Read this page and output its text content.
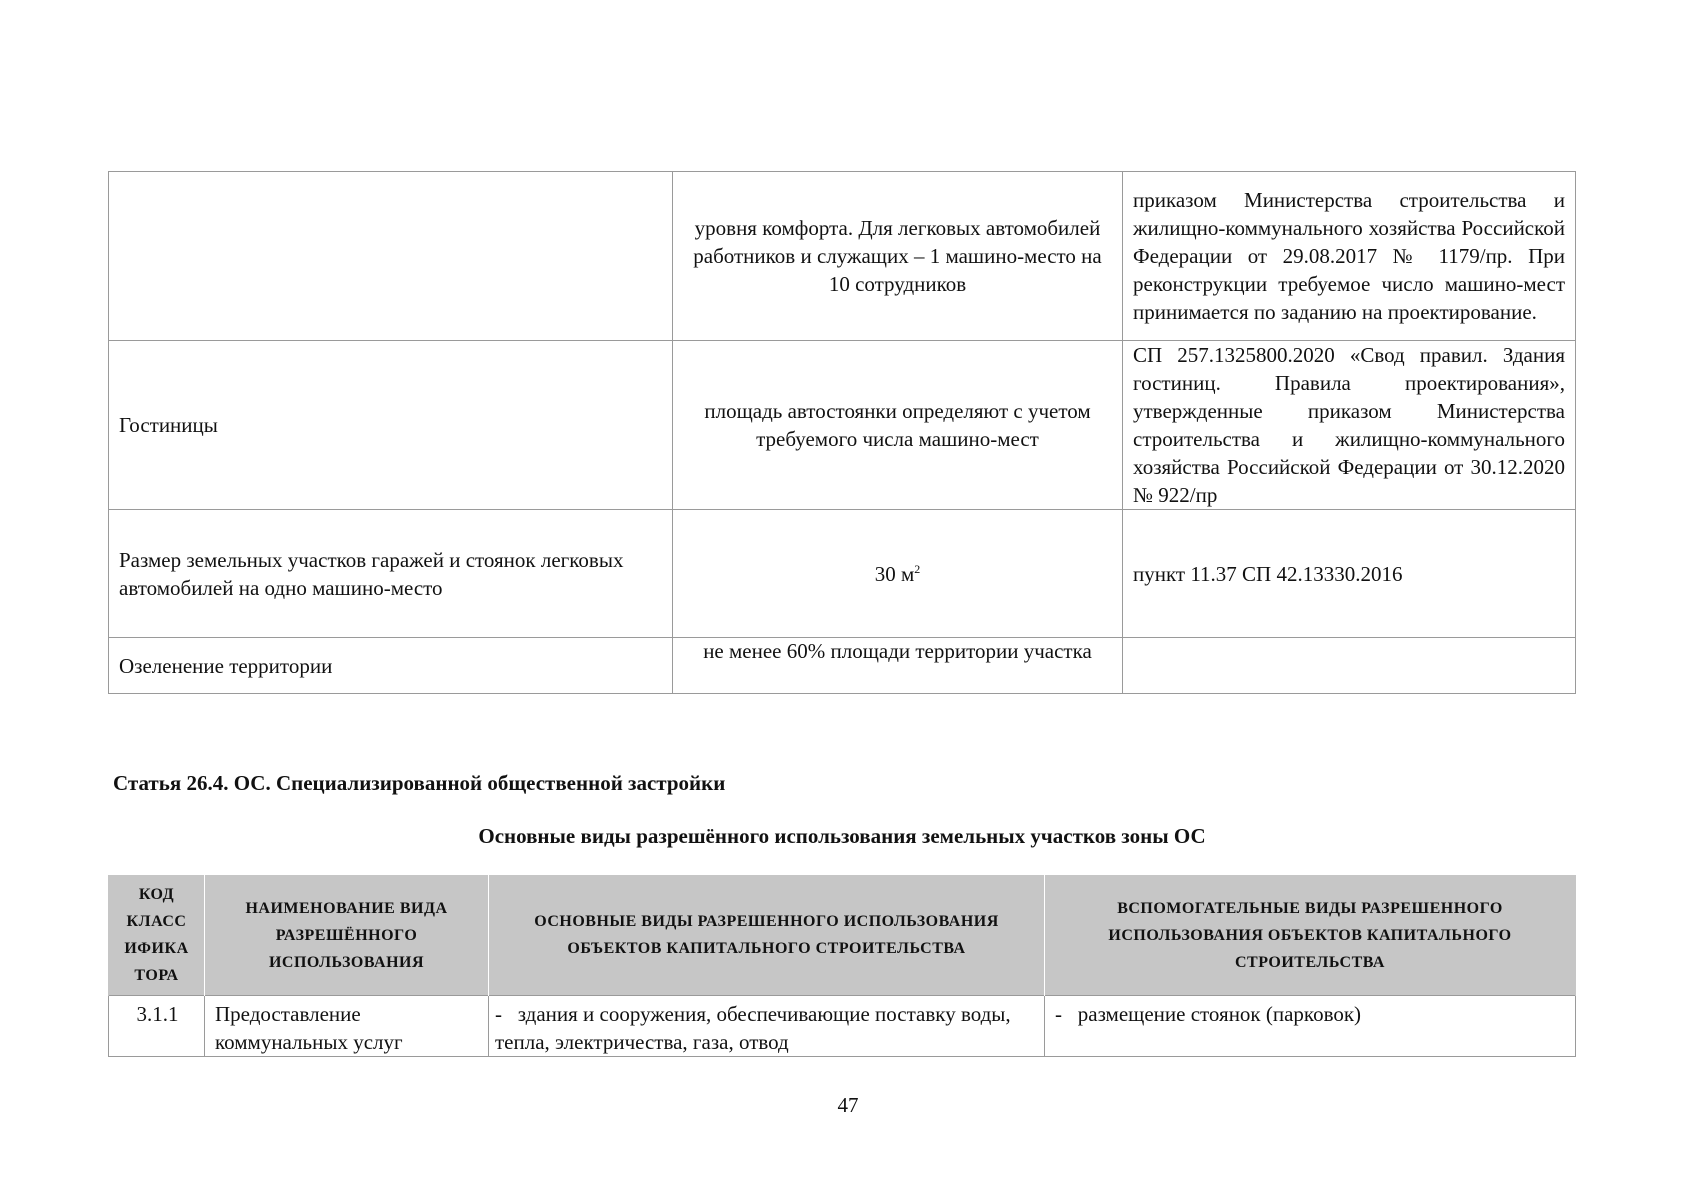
	уровня комфорта. Для легковых автомобилей работников и служащих – 1 машино-место на 10 сотрудников	приказом Министерства строительства и жилищно-коммунального хозяйства Российской Федерации от 29.08.2017 № 1179/пр. При реконструкции требуемое число машино-мест принимается по заданию на проектирование.
Гостиницы	площадь автостоянки определяют с учетом требуемого числа машино-мест	СП 257.1325800.2020 «Свод правил. Здания гостиниц. Правила проектирования», утвержденные приказом Министерства строительства и жилищно-коммунального хозяйства Российской Федерации от 30.12.2020 № 922/пр
Размер земельных участков гаражей и стоянок легковых автомобилей на одно машино-место	30 $м^2$	пункт 11.37 СП 42.13330.2016
Озеленение территории	не менее 60% площади территории участка	
Статья 26.4. ОС. Специализированной общественной застройки
Основные виды разрешённого использования земельных участков зоны ОС
КОД
КЛАСС
ИФИКA
ТОРА	НАИМЕНОВАНИЕ ВИДА РАЗРЕШЁННОГО ИСПОЛЬЗОВАНИЯ	ОСНОВНЫЕ ВИДЫ РАЗРЕШЕННОГО ИСПОЛЬЗОВАНИЯ ОБЪЕКТОВ КАПИТАЛЬНОГО СТРОИТЕЛЬСТВА	ВСПОМОГАТЕЛЬНЫЕ ВИДЫ РАЗРЕШЕННОГО ИСПОЛЬЗОВАНИЯ ОБЪЕКТОВ КАПИТАЛЬНОГО СТРОИТЕЛЬСТВА
3.1.1	Предоставление коммунальных услуг	-   здания и сооружения, обеспечивающие поставку воды, тепла, электричества, газа, отвод	-   размещение стоянок (парковок)
47
